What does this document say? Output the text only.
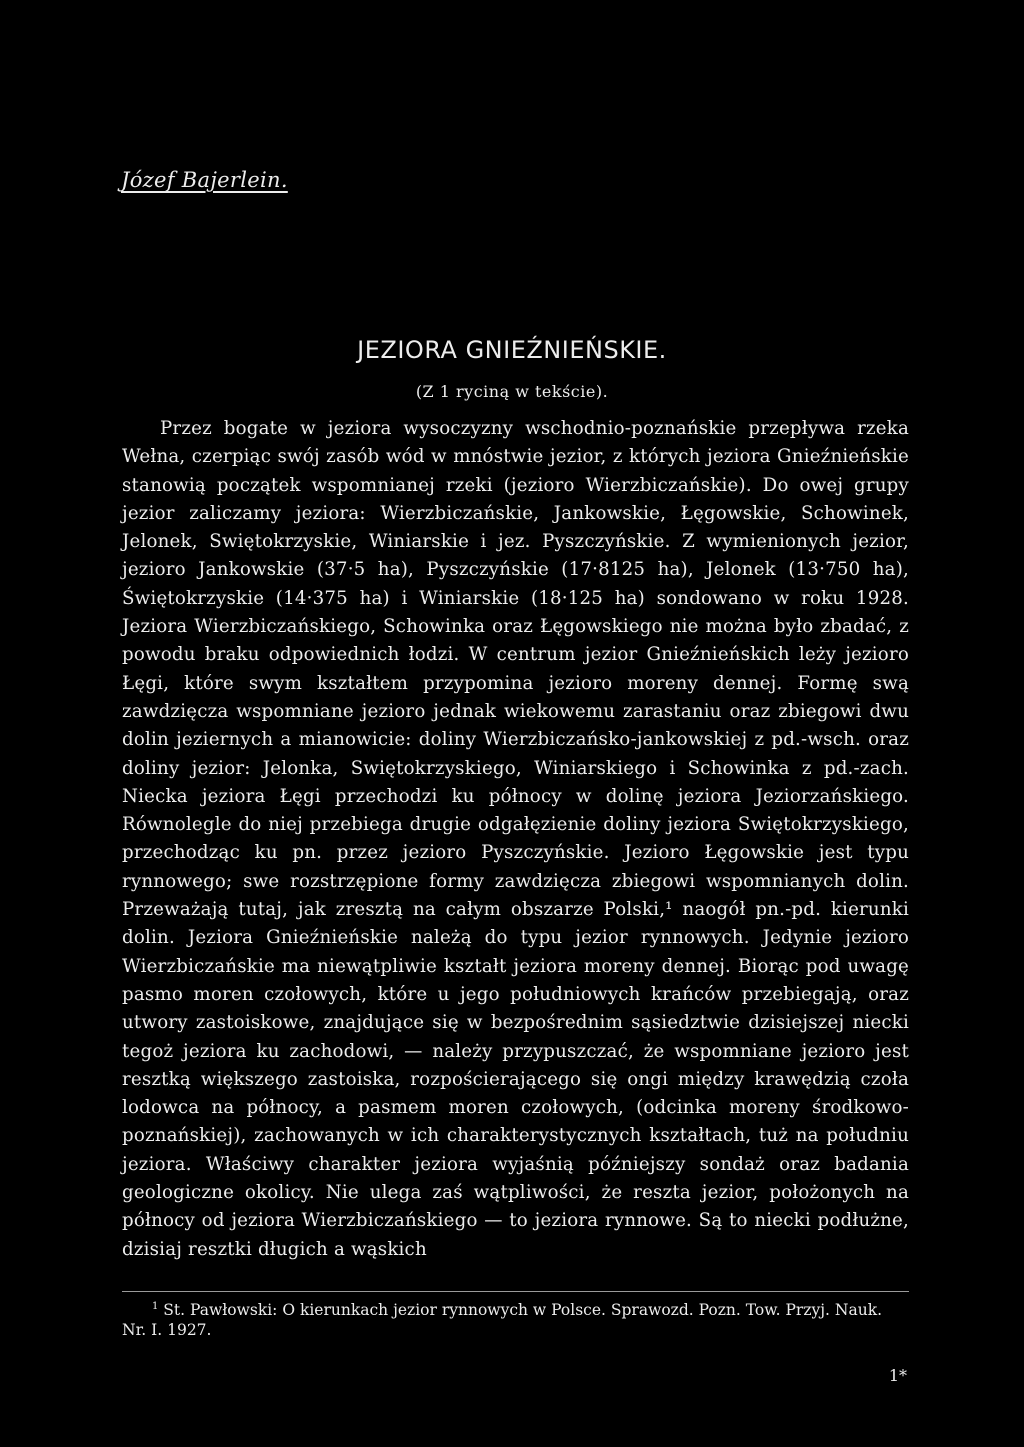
Józef Bajerlein.
JEZIORA GNIEŹNIEŃSKIE.
(Z 1 ryciną w tekście).

Przez bogate w jeziora wysoczyzny wschodnio-poznańskie przepływa rzeka Wełna, czerpiąc swój zasób wód w mnóstwie jezior, z których jeziora Gnieźnieńskie stanowią początek wspomnianej rzeki (jezioro Wierzbiczańskie). Do owej grupy jezior zaliczamy jeziora: Wierzbiczańskie, Jankowskie, Łęgowskie, Schowinek, Jelonek, Swiętokrzyskie, Winiarskie i jez. Pyszczyńskie. Z wymienionych jezior, jezioro Jankowskie (37·5 ha), Pyszczyńskie (17·8125 ha), Jelonek (13·750 ha), Świętokrzyskie (14·375 ha) i Winiarskie (18·125 ha) sondowano w roku 1928. Jeziora Wierzbiczańskiego, Schowinka oraz Łęgowskiego nie można było zbadać, z powodu braku odpowiednich łodzi. W centrum jezior Gnieźnieńskich leży jezioro Łęgi, które swym kształtem przypomina jezioro moreny dennej. Formę swą zawdzięcza wspomniane jezioro jednak wiekowemu zarastaniu oraz zbiegowi dwu dolin jeziernych a mianowicie: doliny Wierzbiczańsko-jankowskiej z pd.-wsch. oraz doliny jezior: Jelonka, Swiętokrzyskiego, Winiarskiego i Schowinka z pd.-zach. Niecka jeziora Łęgi przechodzi ku północy w dolinę jeziora Jeziorzańskiego. Równolegle do niej przebiega drugie odgałęzienie doliny jeziora Swiętokrzyskiego, przechodząc ku pn. przez jezioro Pyszczyńskie. Jezioro Łęgowskie jest typu rynnowego; swe rozstrzępione formy zawdzięcza zbiegowi wspomnianych dolin. Przeważają tutaj, jak zresztą na całym obszarze Polski,¹ naogół pn.-pd. kierunki dolin. Jeziora Gnieźnieńskie należą do typu jezior rynnowych. Jedynie jezioro Wierzbiczańskie ma niewątpliwie kształt jeziora moreny dennej. Biorąc pod uwagę pasmo moren czołowych, które u jego południowych krańców przebiegają, oraz utwory zastoiskowe, znajdujące się w bezpośrednim sąsiedztwie dzisiejszej niecki tegoż jeziora ku zachodowi, — należy przypuszczać, że wspomniane jezioro jest resztką większego zastoiska, rozpościerającego się ongi między krawędzią czoła lodowca na północy, a pasmem moren czołowych, (odcinka moreny środkowo-poznańskiej), zachowanych w ich charakterystycznych kształtach, tuż na południu jeziora. Właściwy charakter jeziora wyjaśnią późniejszy sondaż oraz badania geologiczne okolicy. Nie ulega zaś wątpliwości, że reszta jezior, położonych na północy od jeziora Wierzbiczańskiego — to jeziora rynnowe. Są to niecki podłużne, dzisiaj resztki długich a wąskich

$^1$ St. Pawłowski: O kierunkach jezior rynnowych w Polsce. Sprawozd. Pozn. Tow. Przyj. Nauk. Nr. I. 1927.

1*
